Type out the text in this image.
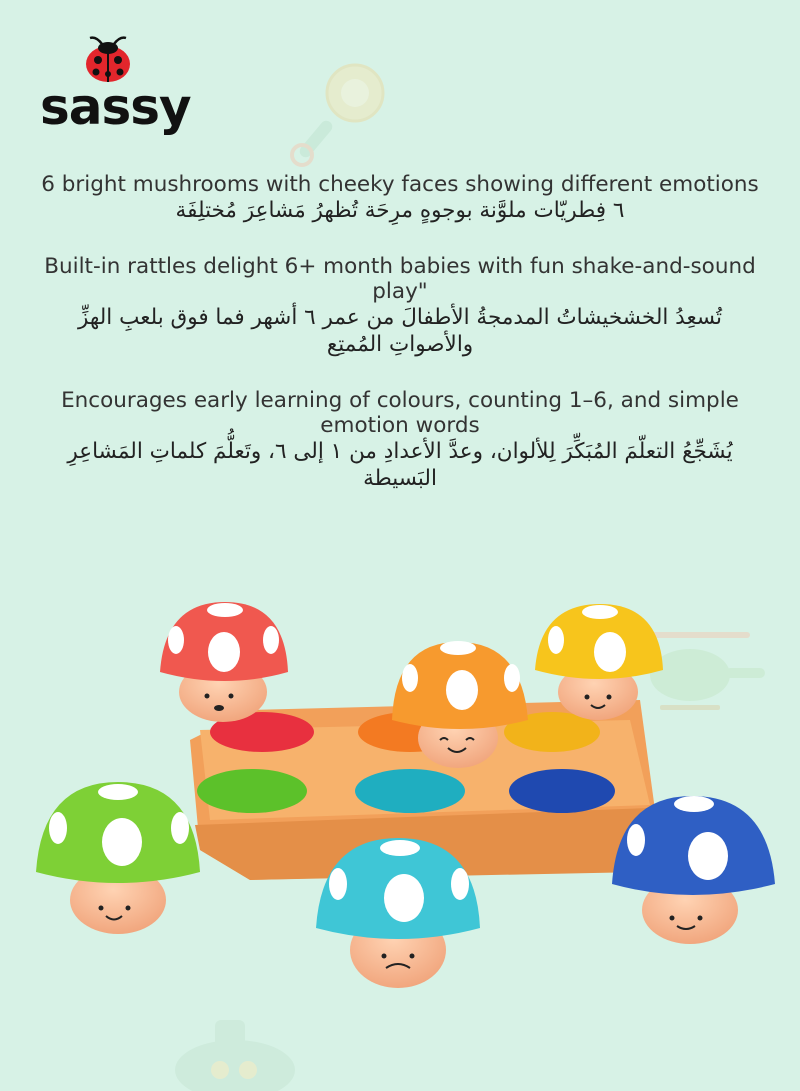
sassy
6 bright mushrooms with cheeky faces showing different emotions
٦ فِطريّات ملوَّنة بوجوهٍ مرِحَة تُظهرُ مَشاعِرَ مُختلِفَة
Built-in rattles delight 6+ month babies with fun shake-and-sound play"
تُسعِدُ الخشخيشاتُ المدمجةُ الأطفالَ من عمر ٦ أشهر فما فوق بلعبِ الهزِّ والأصواتِ المُمتِع
Encourages early learning of colours, counting 1–6, and simple emotion words
يُشَجِّعُ التعلّمَ المُبَكِّرَ لِلألوان، وعدَّ الأعدادِ من ١ إلى ٦، وتَعلُّمَ كلماتِ المَشاعِرِ البَسيطة
